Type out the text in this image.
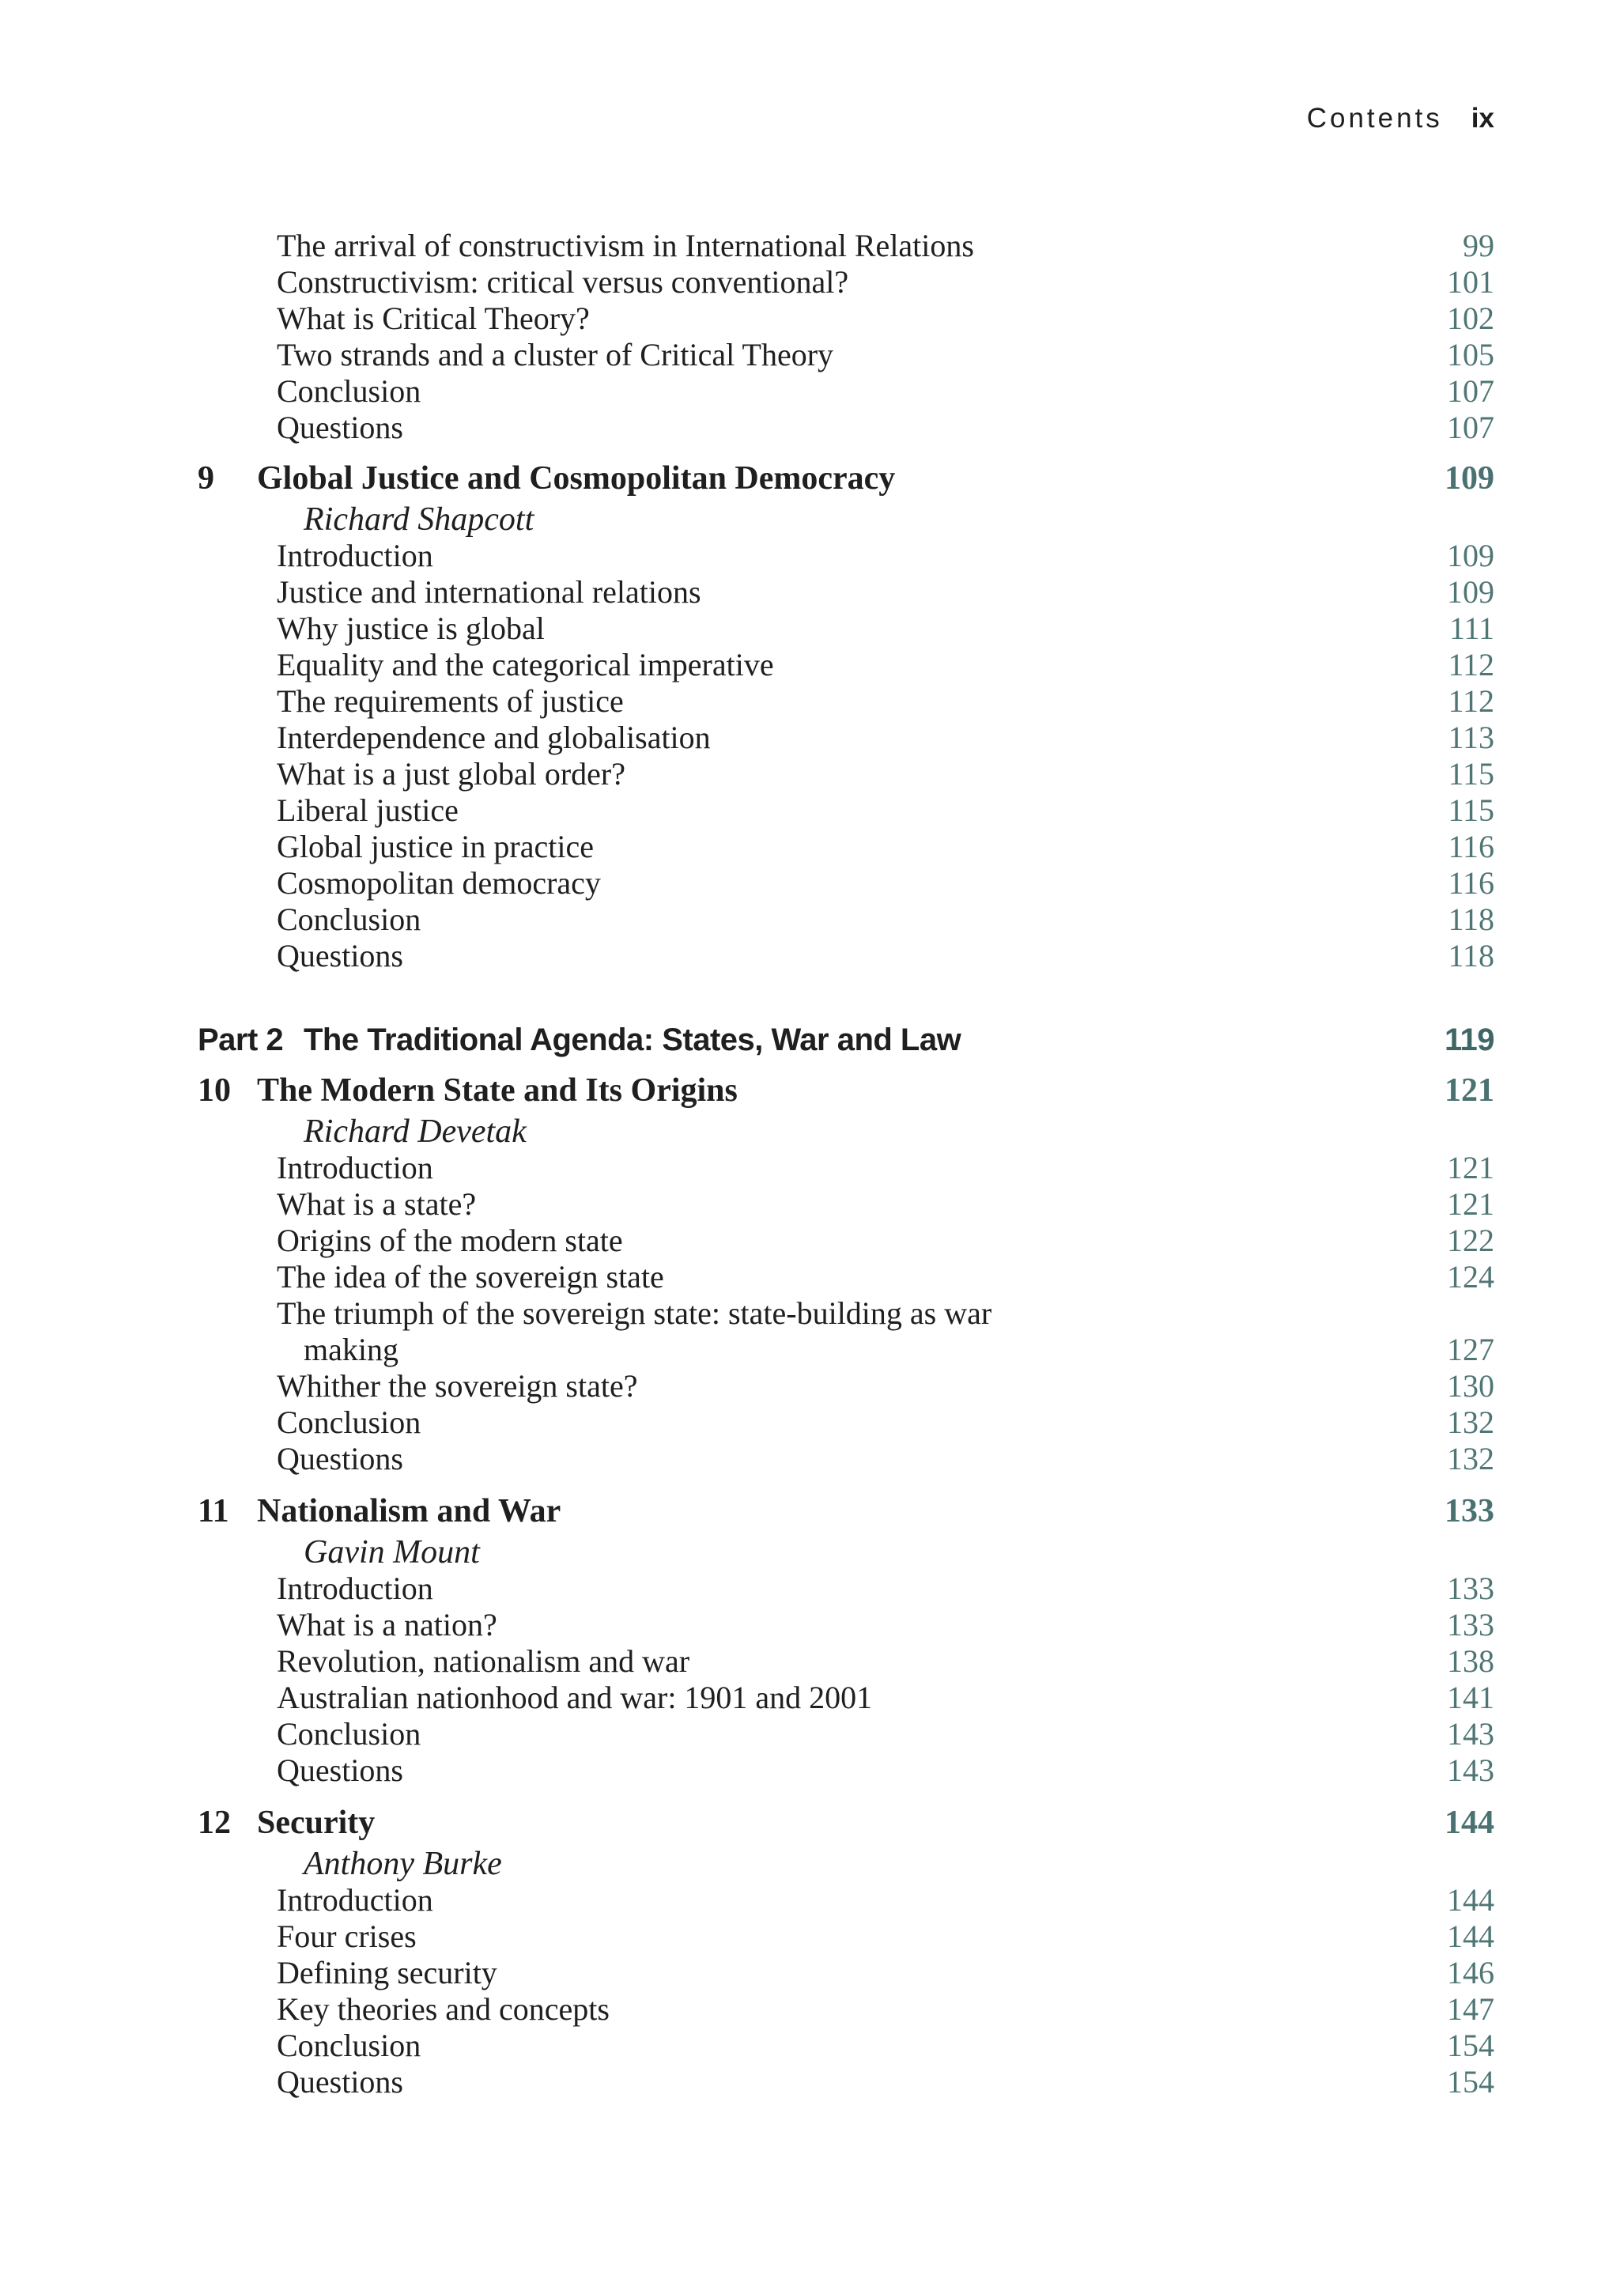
Contents ix
The arrival of constructivism in International Relations	99
Constructivism: critical versus conventional?	101
What is Critical Theory?	102
Two strands and a cluster of Critical Theory	105
Conclusion	107
Questions	107
9 Global Justice and Cosmopolitan Democracy	109
Richard Shapcott
Introduction	109
Justice and international relations	109
Why justice is global	111
Equality and the categorical imperative	112
The requirements of justice	112
Interdependence and globalisation	113
What is a just global order?	115
Liberal justice	115
Global justice in practice	116
Cosmopolitan democracy	116
Conclusion	118
Questions	118
Part 2 The Traditional Agenda: States, War and Law	119
10 The Modern State and Its Origins	121
Richard Devetak
Introduction	121
What is a state?	121
Origins of the modern state	122
The idea of the sovereign state	124
The triumph of the sovereign state: state-building as war
making	127
Whither the sovereign state?	130
Conclusion	132
Questions	132
11 Nationalism and War	133
Gavin Mount
Introduction	133
What is a nation?	133
Revolution, nationalism and war	138
Australian nationhood and war: 1901 and 2001	141
Conclusion	143
Questions	143
12 Security	144
Anthony Burke
Introduction	144
Four crises	144
Defining security	146
Key theories and concepts	147
Conclusion	154
Questions	154
